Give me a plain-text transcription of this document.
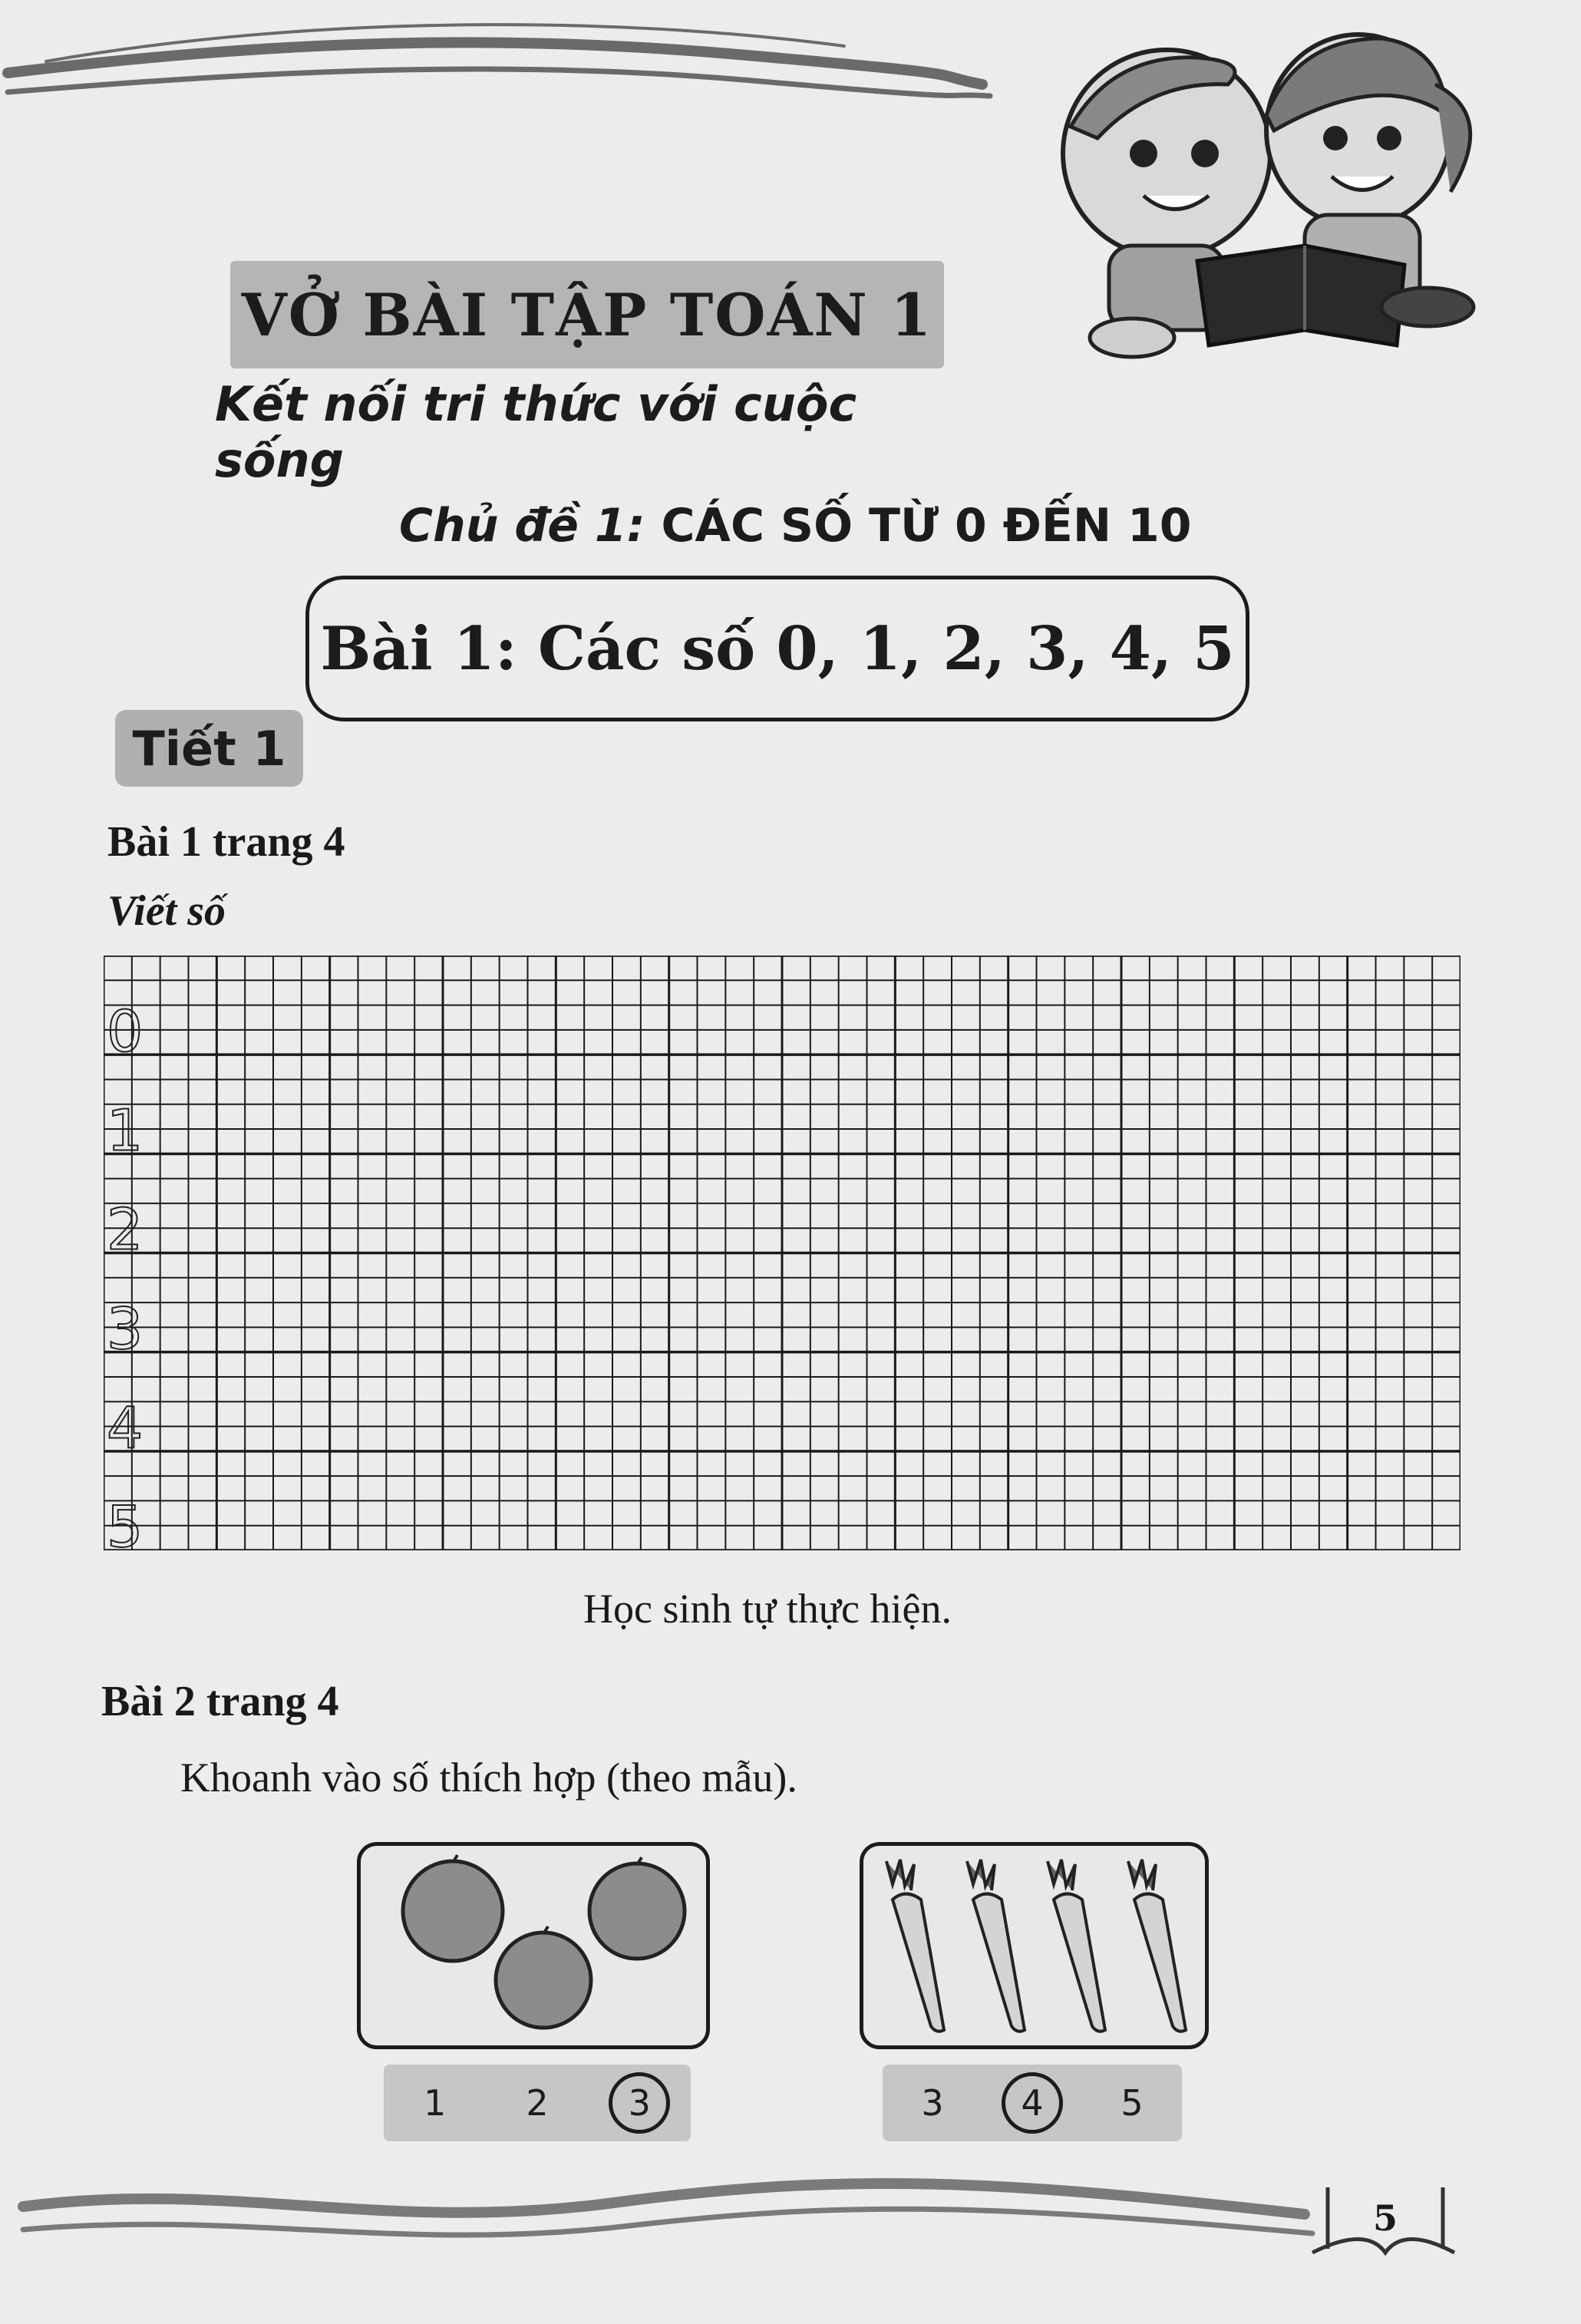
VỞ BÀI TẬP TOÁN 1
Kết nối tri thức với cuộc sống
Chủ đề 1: CÁC SỐ TỪ 0 ĐẾN 10
Bài 1: Các số 0, 1, 2, 3, 4, 5
Tiết 1
Bài 1 trang 4
Viết số
0
1
2
3
4
5
Học sinh tự thực hiện.
Bài 2 trang 4
Khoanh vào số thích hợp (theo mẫu).
1	2	3	3	4	5
5
